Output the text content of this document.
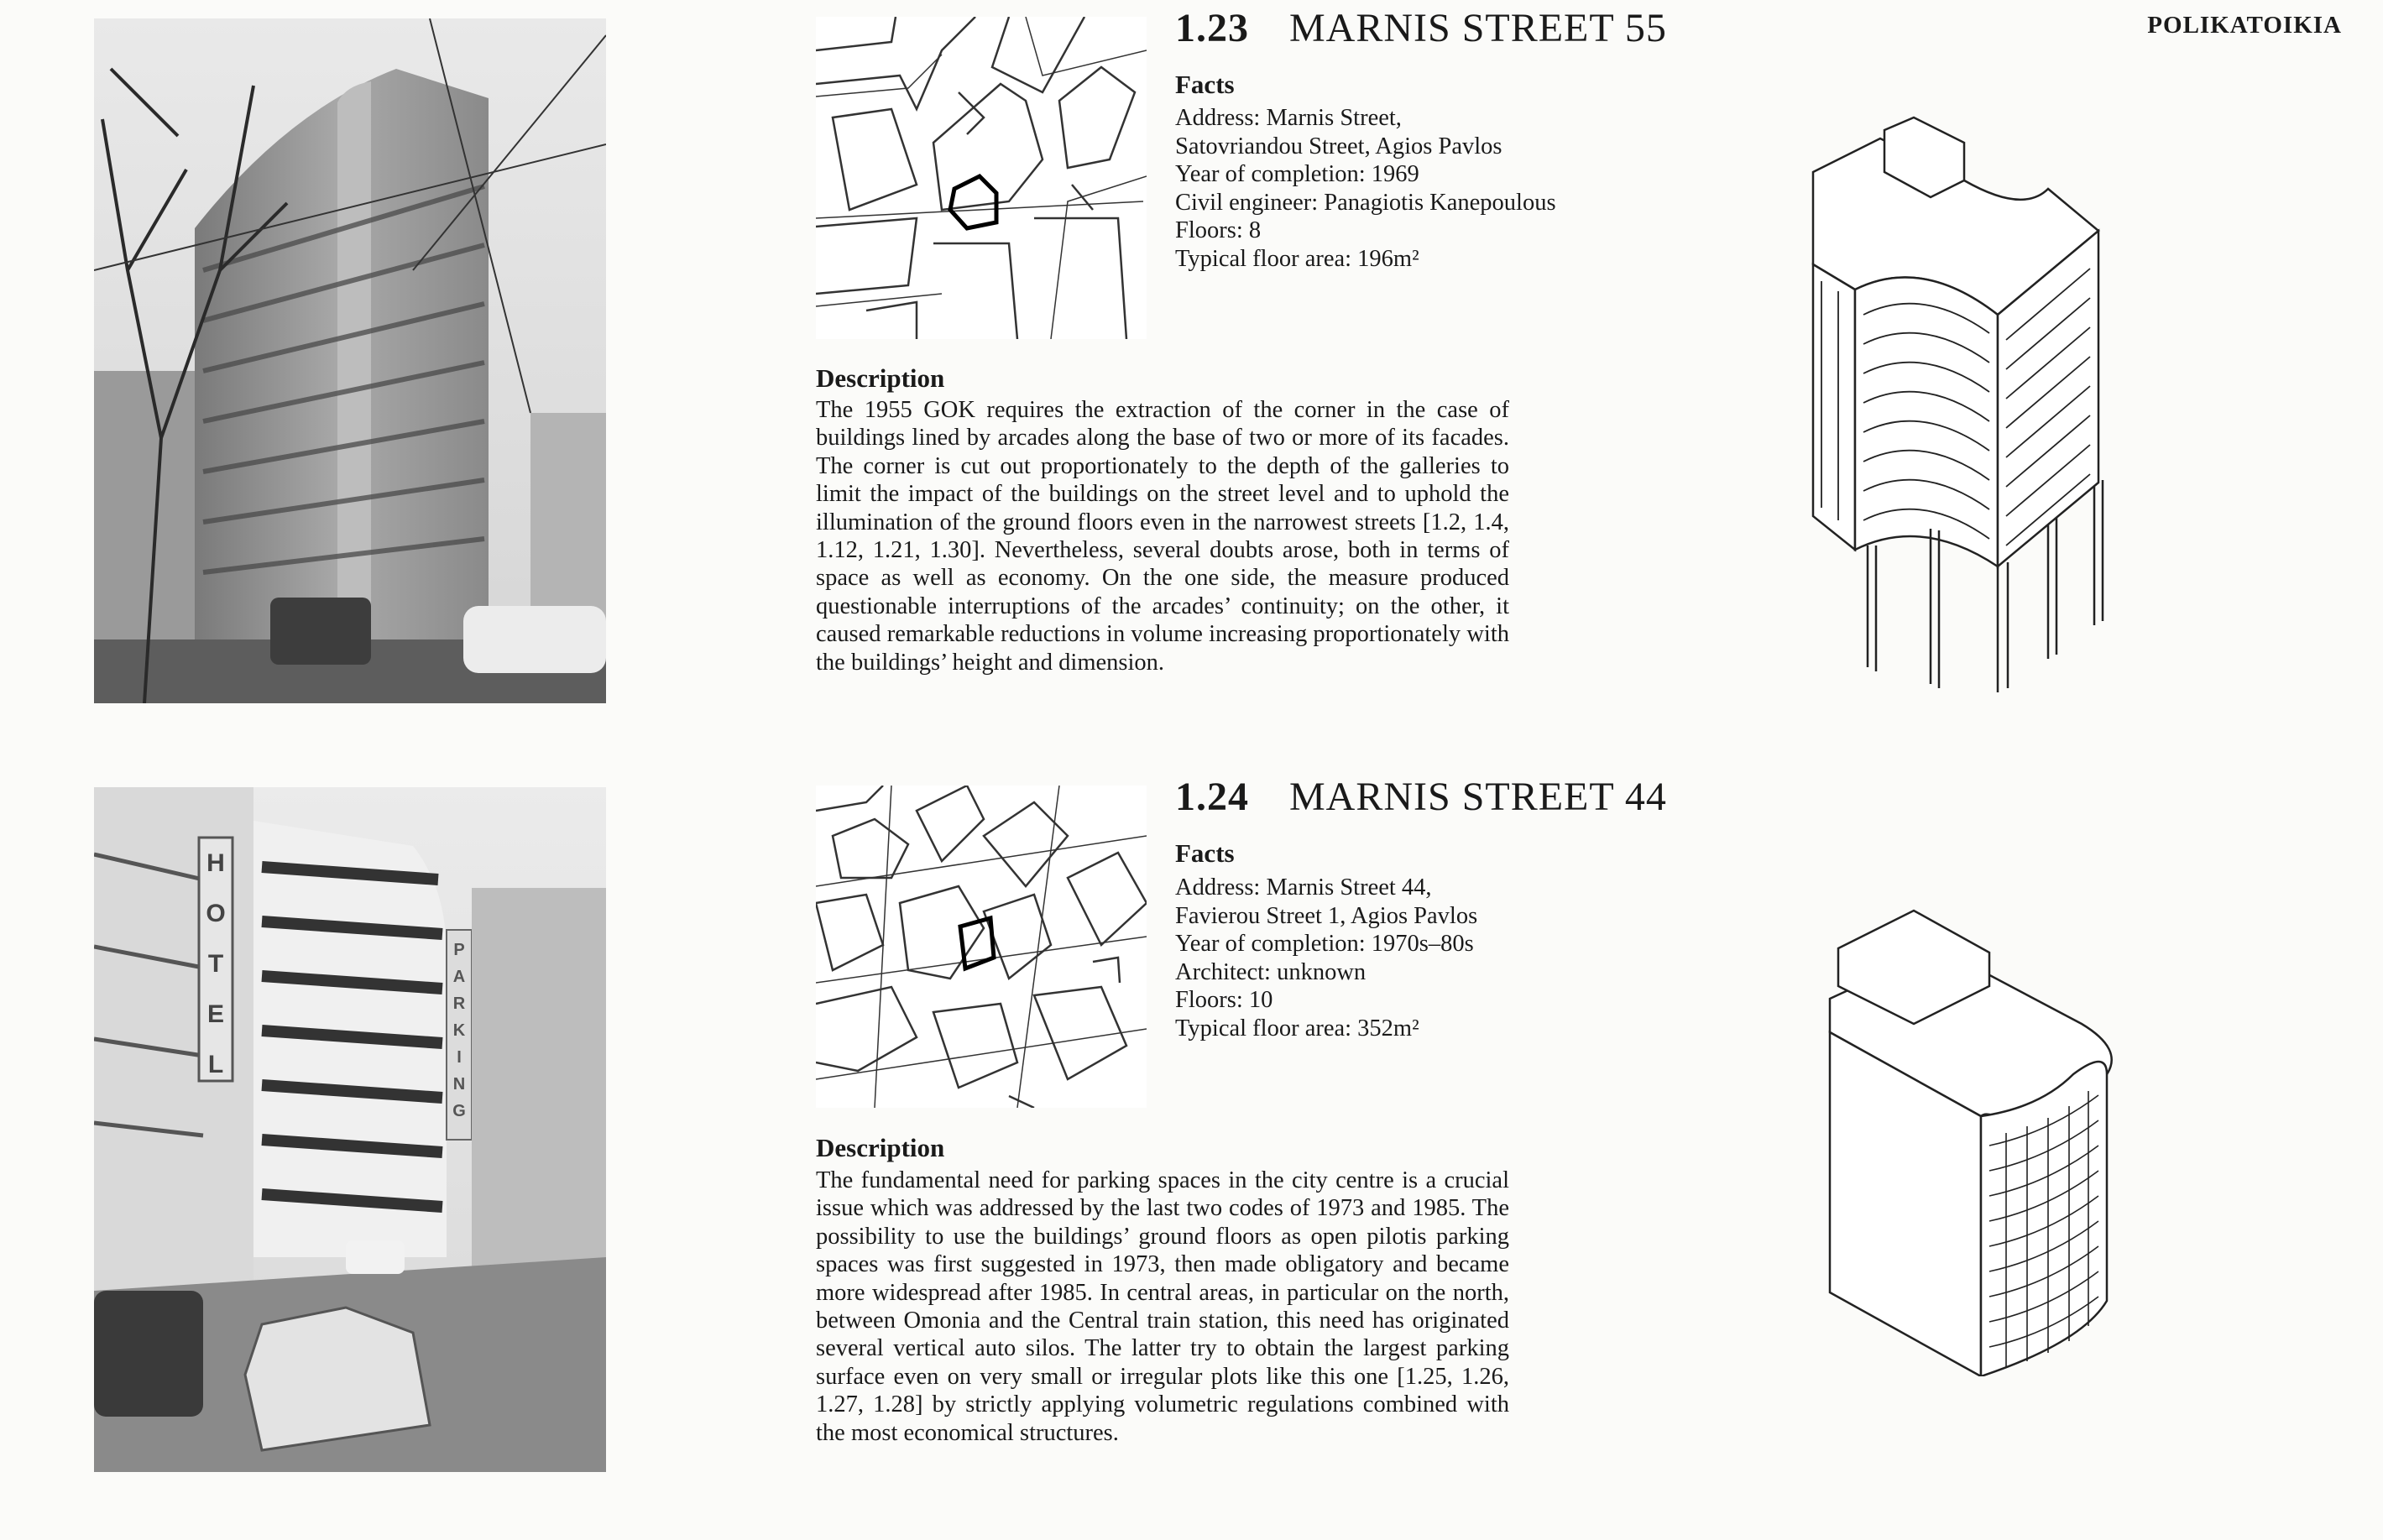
POLIKATOIKIA
1.23 MARNIS STREET 55
Facts
Address: Marnis Street,
Satovriandou Street, Agios Pavlos
Year of completion: 1969
Civil engineer: Panagiotis Kanepoulous
Floors: 8
Typical floor area: 196m²
Description
The 1955 GOK requires the extraction of the corner in the case of buildings lined by arcades along the base of two or more of its facades. The corner is cut out proportionately to the depth of the galleries to limit the impact of the buildings on the street level and to uphold the illumination of the ground floors even in the narrowest streets [1.2, 1.4, 1.12, 1.21, 1.30]. Nevertheless, several doubts arose, both in terms of space as well as economy. On the one side, the measure produced questionable interruptions of the arcades’ continuity; on the other, it caused remarkable reductions in volume increasing proportionately with the buildings’ height and dimension.
H
O
T
E
L
P
A
R
K
I
N
G
1.24 MARNIS STREET 44
Facts
Address: Marnis Street 44,
Favierou Street 1, Agios Pavlos
Year of completion: 1970s–80s
Architect: unknown
Floors: 10
Typical floor area: 352m²
Description
The fundamental need for parking spaces in the city centre is a crucial issue which was addressed by the last two codes of 1973 and 1985. The possibility to use the buildings’ ground floors as open pilotis parking spaces was first suggested in 1973, then made obligatory and became more widespread after 1985. In central areas, in particular on the north, between Omonia and the Central train station, this need has originated several vertical auto silos. The latter try to obtain the largest parking surface even on very small or irregular plots like this one [1.25, 1.26, 1.27, 1.28] by strictly applying volumetric regulations combined with the most economical structures.
